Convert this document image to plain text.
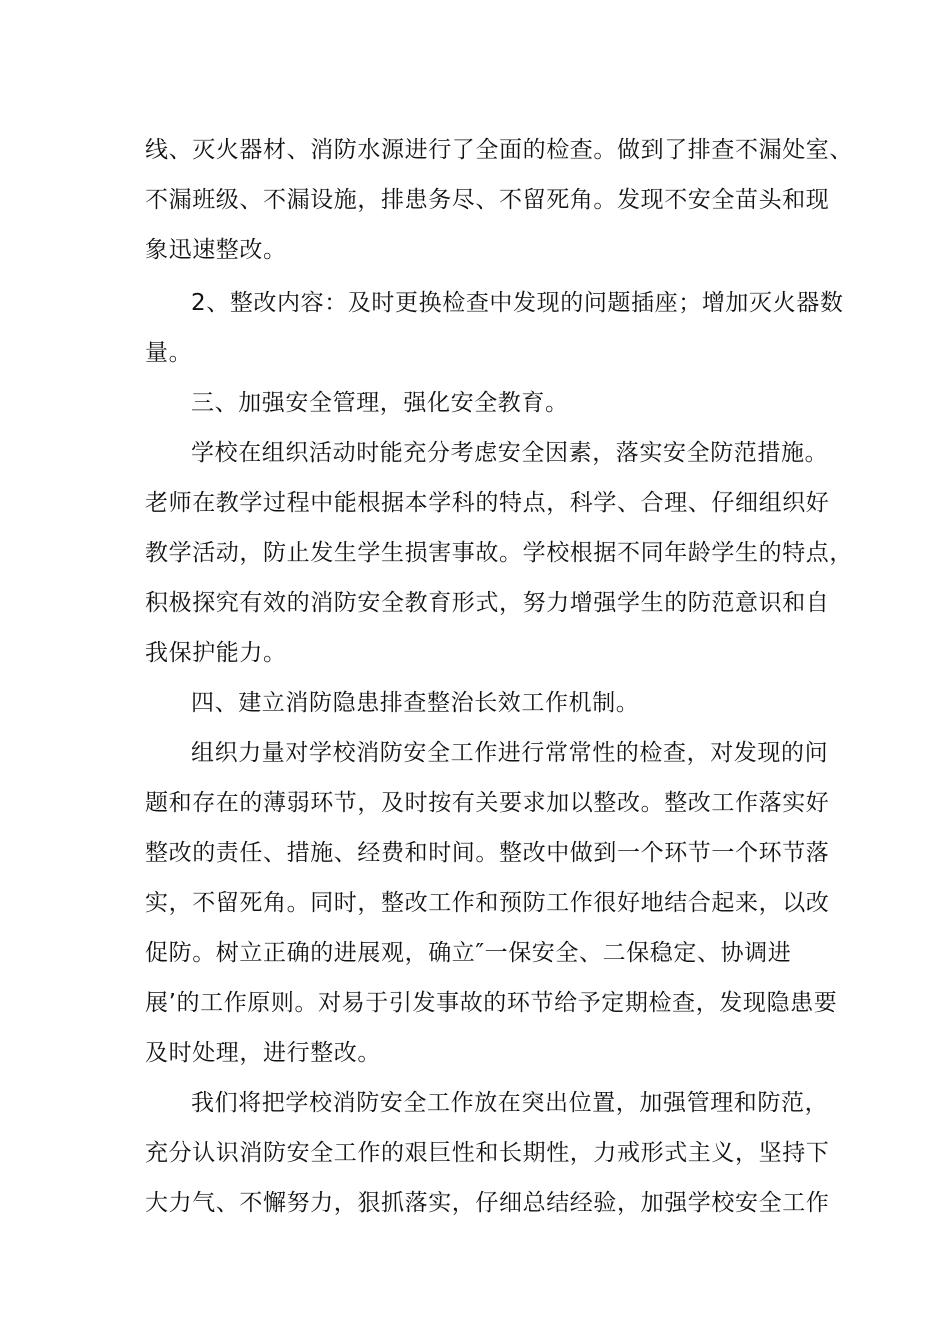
线、灭火器材、消防水源进行了全面的检查。做到了排查不漏处室、
不漏班级、不漏设施，排患务尽、不留死角。发现不安全苗头和现
象迅速整改。
2、整改内容：及时更换检查中发现的问题插座；增加灭火器数
量。
三、加强安全管理，强化安全教育。
学校在组织活动时能充分考虑安全因素，落实安全防范措施。
老师在教学过程中能根据本学科的特点，科学、合理、仔细组织好
教学活动，防止发生学生损害事故。学校根据不同年龄学生的特点，
积极探究有效的消防安全教育形式，努力增强学生的防范意识和自
我保护能力。
四、建立消防隐患排查整治长效工作机制。
组织力量对学校消防安全工作进行常常性的检查，对发现的问
题和存在的薄弱环节，及时按有关要求加以整改。整改工作落实好
整改的责任、措施、经费和时间。整改中做到一个环节一个环节落
实，不留死角。同时，整改工作和预防工作很好地结合起来，以改
促防。树立正确的进展观，确立″一保安全、二保稳定、协调进
展’的工作原则。对易于引发事故的环节给予定期检查，发现隐患要
及时处理，进行整改。
我们将把学校消防安全工作放在突出位置，加强管理和防范，
充分认识消防安全工作的艰巨性和长期性，力戒形式主义，坚持下
大力气、不懈努力，狠抓落实，仔细总结经验，加强学校安全工作
